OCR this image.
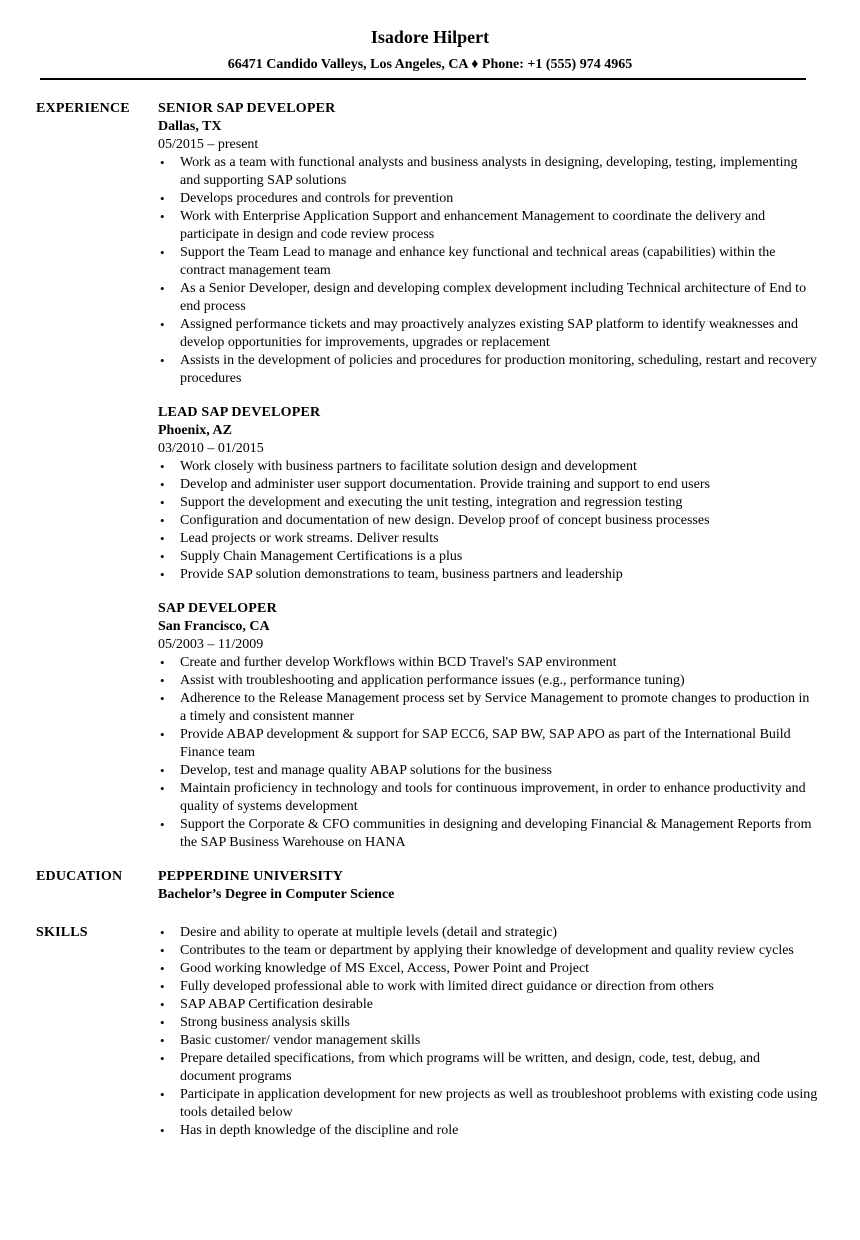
Isadore Hilpert
66471 Candido Valleys, Los Angeles, CA ♦ Phone: +1 (555) 974 4965
EXPERIENCE SENIOR SAP DEVELOPER
Dallas, TX
05/2015 – present
• Work as a team with functional analysts and business analysts in designing, developing, testing, implementing and supporting SAP solutions
• Develops procedures and controls for prevention
• Work with Enterprise Application Support and enhancement Management to coordinate the delivery and participate in design and code review process
• Support the Team Lead to manage and enhance key functional and technical areas (capabilities) within the contract management team
• As a Senior Developer, design and developing complex development including Technical architecture of End to end process
• Assigned performance tickets and may proactively analyzes existing SAP platform to identify weaknesses and develop opportunities for improvements, upgrades or replacement
• Assists in the development of policies and procedures for production monitoring, scheduling, restart and recovery procedures
LEAD SAP DEVELOPER
Phoenix, AZ
03/2010 – 01/2015
• Work closely with business partners to facilitate solution design and development
• Develop and administer user support documentation. Provide training and support to end users
• Support the development and executing the unit testing, integration and regression testing
• Configuration and documentation of new design. Develop proof of concept business processes
• Lead projects or work streams. Deliver results
• Supply Chain Management Certifications is a plus
• Provide SAP solution demonstrations to team, business partners and leadership
SAP DEVELOPER
San Francisco, CA
05/2003 – 11/2009
• Create and further develop Workflows within BCD Travel's SAP environment
• Assist with troubleshooting and application performance issues (e.g., performance tuning)
• Adherence to the Release Management process set by Service Management to promote changes to production in a timely and consistent manner
• Provide ABAP development & support for SAP ECC6, SAP BW, SAP APO as part of the International Build Finance team
• Develop, test and manage quality ABAP solutions for the business
• Maintain proficiency in technology and tools for continuous improvement, in order to enhance productivity and quality of systems development
• Support the Corporate & CFO communities in designing and developing Financial & Management Reports from the SAP Business Warehouse on HANA
EDUCATION	PEPPERDINE UNIVERSITY
Bachelor’s Degree in Computer Science
SKILLS	• Desire and ability to operate at multiple levels (detail and strategic)
• Contributes to the team or department by applying their knowledge of development and quality review cycles
• Good working knowledge of MS Excel, Access, Power Point and Project
• Fully developed professional able to work with limited direct guidance or direction from others
• SAP ABAP Certification desirable
• Strong business analysis skills
• Basic customer/ vendor management skills
• Prepare detailed specifications, from which programs will be written, and design, code, test, debug, and document programs
• Participate in application development for new projects as well as troubleshoot problems with existing code using tools detailed below
• Has in depth knowledge of the discipline and role
